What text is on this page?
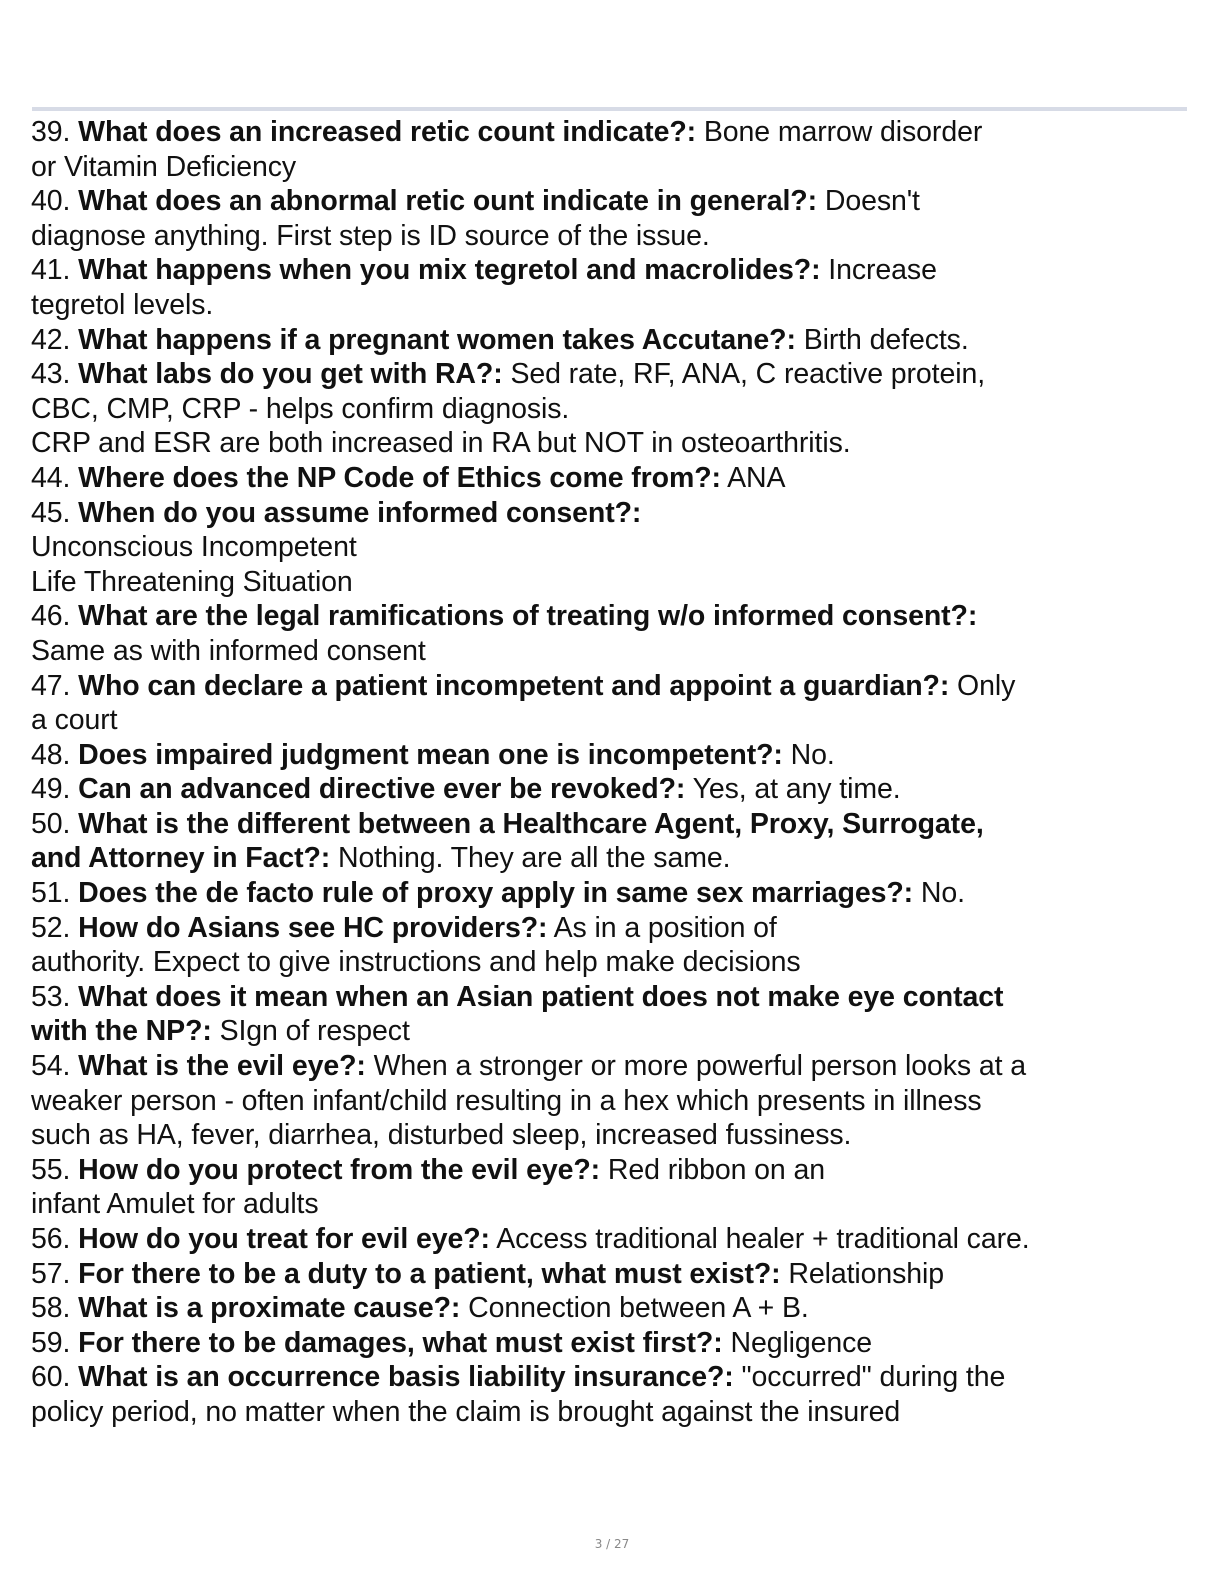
39. What does an increased retic count indicate?: Bone marrow disorder
or Vitamin Deficiency
40. What does an abnormal retic ount indicate in general?: Doesn't
diagnose anything. First step is ID source of the issue.
41. What happens when you mix tegretol and macrolides?: Increase
tegretol levels.
42. What happens if a pregnant women takes Accutane?: Birth defects.
43. What labs do you get with RA?: Sed rate, RF, ANA, C reactive protein,
CBC, CMP, CRP - helps confirm diagnosis.
CRP and ESR are both increased in RA but NOT in osteoarthritis.
44. Where does the NP Code of Ethics come from?: ANA
45. When do you assume informed consent?:
Unconscious Incompetent
Life Threatening Situation
46. What are the legal ramifications of treating w/o informed consent?:
Same as with informed consent
47. Who can declare a patient incompetent and appoint a guardian?: Only
a court
48. Does impaired judgment mean one is incompetent?: No.
49. Can an advanced directive ever be revoked?: Yes, at any time.
50. What is the different between a Healthcare Agent, Proxy, Surrogate,
and Attorney in Fact?: Nothing. They are all the same.
51. Does the de facto rule of proxy apply in same sex marriages?: No.
52. How do Asians see HC providers?: As in a position of
authority. Expect to give instructions and help make decisions
53. What does it mean when an Asian patient does not make eye contact
with the NP?: SIgn of respect
54. What is the evil eye?: When a stronger or more powerful person looks at a
weaker person - often infant/child resulting in a hex which presents in illness
such as HA, fever, diarrhea, disturbed sleep, increased fussiness.
55. How do you protect from the evil eye?: Red ribbon on an
infant Amulet for adults
56. How do you treat for evil eye?: Access traditional healer + traditional care.
57. For there to be a duty to a patient, what must exist?: Relationship
58. What is a proximate cause?: Connection between A + B.
59. For there to be damages, what must exist first?: Negligence
60. What is an occurrence basis liability insurance?: "occurred" during the
policy period, no matter when the claim is brought against the insured
3 / 27
